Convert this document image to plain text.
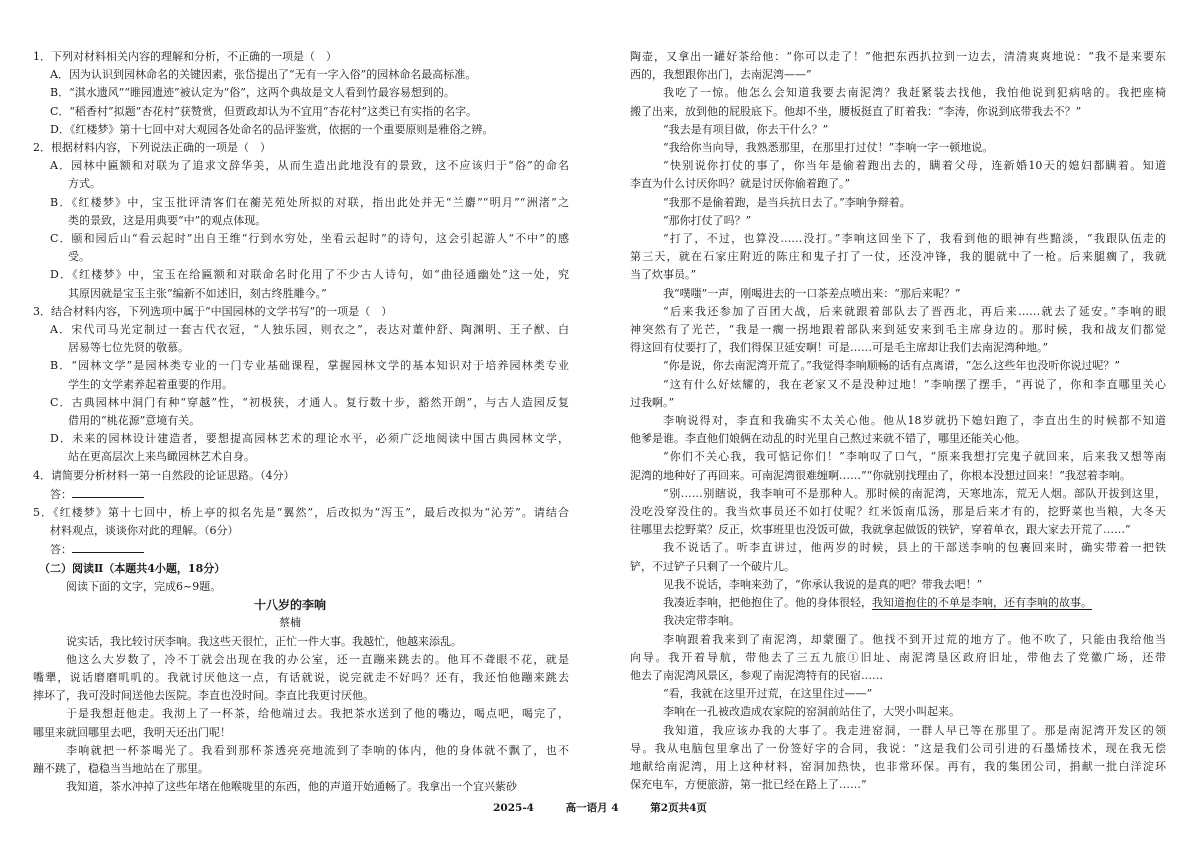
1．下列对材料相关内容的理解和分析，不正确的一项是（　）
A．因为认识到园林命名的关键因素，张岱提出了“无有一字入俗”的园林命名最高标准。
B．“淇水遗风”“睢园遗迹”被认定为“俗”，这两个典故是文人看到竹最容易想到的。
C．“稻香村”拟题“杏花村”获赞赏，但贾政却认为不宜用“杏花村”这类已有实指的名字。
D．《红楼梦》第十七回中对大观园各处命名的品评鉴赏，依据的一个重要原则是雅俗之辨。
2．根据材料内容，下列说法正确的一项是（　）
A．园林中匾额和对联为了追求文辞华美，从而生造出此地没有的景致，这不应该归于“俗”的命名
方式。
B．《红楼梦》中，宝玉批评清客们在蘅芜苑处所拟的对联，指出此处并无“兰麝”“明月”“洲渚”之
类的景致，这是用典要“中”的观点体现。
C．颐和园后山“看云起时”出自王维“行到水穷处，坐看云起时”的诗句，这会引起游人“不中”的感
受。
D．《红楼梦》中，宝玉在给匾额和对联命名时化用了不少古人诗句，如“曲径通幽处”这一处，究
其原因就是宝玉主张“编新不如述旧，刻古终胜雕今。”
3．结合材料内容，下列选项中属于“中国园林的文学书写”的一项是（　）
A．宋代司马光定制过一套古代衣冠，“人独乐园，则衣之”，表达对董仲舒、陶渊明、王子猷、白
居易等七位先贤的敬慕。
B．“园林文学”是园林类专业的一门专业基础课程，掌握园林文学的基本知识对于培养园林类专业
学生的文学素养起着重要的作用。
C．古典园林中洞门有种“穿越”性，“初极狭，才通人。复行数十步，豁然开朗”，与古人造园反复
借用的“桃花源”意境有关。
D．未来的园林设计建造者，要想提高园林艺术的理论水平，必须广泛地阅读中国古典园林文学，
站在更高层次上来鸟瞰园林艺术自身。
4．请简要分析材料一第一自然段的论证思路。（4分）
答：
5．《红楼梦》第十七回中，桥上亭的拟名先是“翼然”，后改拟为“泻玉”，最后改拟为“沁芳”。请结合
材料观点，谈谈你对此的理解。（6分）
答：
（二）阅读Ⅱ（本题共4小题，18分）
阅读下面的文字，完成6~9题。
十八岁的李响
蔡楠
说实话，我比较讨厌李响。我这些天很忙，正忙一件大事。我越忙，他越来添乱。
他这么大岁数了，冷不丁就会出现在我的办公室，还一直蹦来跳去的。他耳不聋眼不花，就是
嘴犟，说话磨磨叽叽的。我就讨厌他这一点，有话就说，说完就走不好吗？还有，我还怕他蹦来跳去
摔坏了，我可没时间送他去医院。李直也没时间。李直比我更讨厌他。
于是我想赶他走。我沏上了一杯茶，给他端过去。我把茶水送到了他的嘴边，喝点吧，喝完了，
哪里来就回哪里去吧，我明天还出门呢！
李响就把一杯茶喝光了。我看到那杯茶透亮亮地流到了李响的体内，他的身体就不飘了，也不
蹦不跳了，稳稳当当地站在了那里。
我知道，茶水冲掉了这些年堵在他喉咙里的东西，他的声道开始通畅了。我拿出一个宜兴紫砂
陶壶，又拿出一罐好茶给他：“你可以走了！”他把东西扒拉到一边去，清清爽爽地说：“我不是来要东
西的，我想跟你出门，去南泥湾——”
我吃了一惊。他怎么会知道我要去南泥湾？我赶紧装去找他，我怕他说到犯病啥的。我把座椅
搬了出来，放到他的屁股底下。他却不坐，腰板挺直了盯着我：“李涛，你说到底带我去不？”
“我去是有项目做，你去干什么？”
“我给你当向导，我熟悉那里，在那里打过仗！”李响一字一顿地说。
“快别说你打仗的事了，你当年是偷着跑出去的，瞒着父母，连新婚10天的媳妇都瞒着。知道
李直为什么讨厌你吗？就是讨厌你偷着跑了。”
“我那不是偷着跑，是当兵抗日去了。”李响争辩着。
“那你打仗了吗？”
“打了，不过，也算没……没打。”李响这回坐下了，我看到他的眼神有些黯淡，“我跟队伍走的
第三天，就在石家庄附近的陈庄和鬼子打了一仗，还没冲锋，我的腿就中了一枪。后来腿瘸了，我就
当了炊事员。”
我“噗嗤”一声，刚喝进去的一口茶差点喷出来：“那后来呢？”
“后来我还参加了百团大战，后来就跟着部队去了晋西北，再后来……就去了延安。”李响的眼
神突然有了光芒，“我是一瘸一拐地跟着部队来到延安来到毛主席身边的。那时候，我和战友们都觉
得这回有仗要打了，我们得保卫延安啊！可是……可是毛主席却让我们去南泥湾种地。”
“你是说，你去南泥湾开荒了。”我觉得李响顺畅的话有点离谱，“怎么这些年也没听你说过呢？”
“这有什么好炫耀的，我在老家又不是没种过地！”李响摆了摆手，“再说了，你和李直哪里关心
过我啊。”
李响说得对，李直和我确实不太关心他。他从18岁就扔下媳妇跑了，李直出生的时候都不知道
他爹是谁。李直他们娘俩在动乱的时光里自己熬过来就不错了，哪里还能关心他。
“你们不关心我，我可惦记你们！”李响叹了口气，“原来我想打完鬼子就回来，后来我又想等南
泥湾的地种好了再回来。可南泥湾很难缠啊……”“你就别找理由了，你根本没想过回来！”我怼着李响。
“别……别瞎说，我李响可不是那种人。那时候的南泥湾，天寒地冻，荒无人烟。部队开拔到这里，
没吃没穿没住的。我当炊事员还不如打仗呢？红米饭南瓜汤，那是后来才有的，挖野菜也当粮，大冬天
往哪里去挖野菜？反正，炊事班里也没饭可做，我就拿起做饭的铁铲，穿着单衣，跟大家去开荒了……”
我不说话了。听李直讲过，他两岁的时候，县上的干部送李响的包裹回来时，确实带着一把铁
铲，不过铲子只剩了一个破片儿。
见我不说话，李响来劲了，“你承认我说的是真的吧？带我去吧！”
我凑近李响，把他抱住了。他的身体很轻，我知道抱住的不单是李响，还有李响的故事。
我决定带李响。
李响跟着我来到了南泥湾，却蒙圈了。他找不到开过荒的地方了。他不吹了，只能由我给他当
向导。我开着导航，带他去了三五九旅①旧址、南泥湾垦区政府旧址，带他去了党徽广场，还带
他去了南泥湾风景区，参观了南泥湾特有的民宿……
“看，我就在这里开过荒，在这里住过——”
李响在一孔被改造成农家院的窑洞前站住了，大哭小叫起来。
我知道，我应该办我的大事了。我走进窑洞，一群人早已等在那里了。那是南泥湾开发区的领
导。我从电脑包里拿出了一份签好字的合同，我说：“这是我们公司引进的石墨烯技术，现在我无偿
地献给南泥湾，用上这种材料，窑洞加热快，也非常环保。再有，我的集团公司，捐献一批白洋淀环
保充电车，方便旅游，第一批已经在路上了……”
2025-4	高一语月 4	第2页共4页
